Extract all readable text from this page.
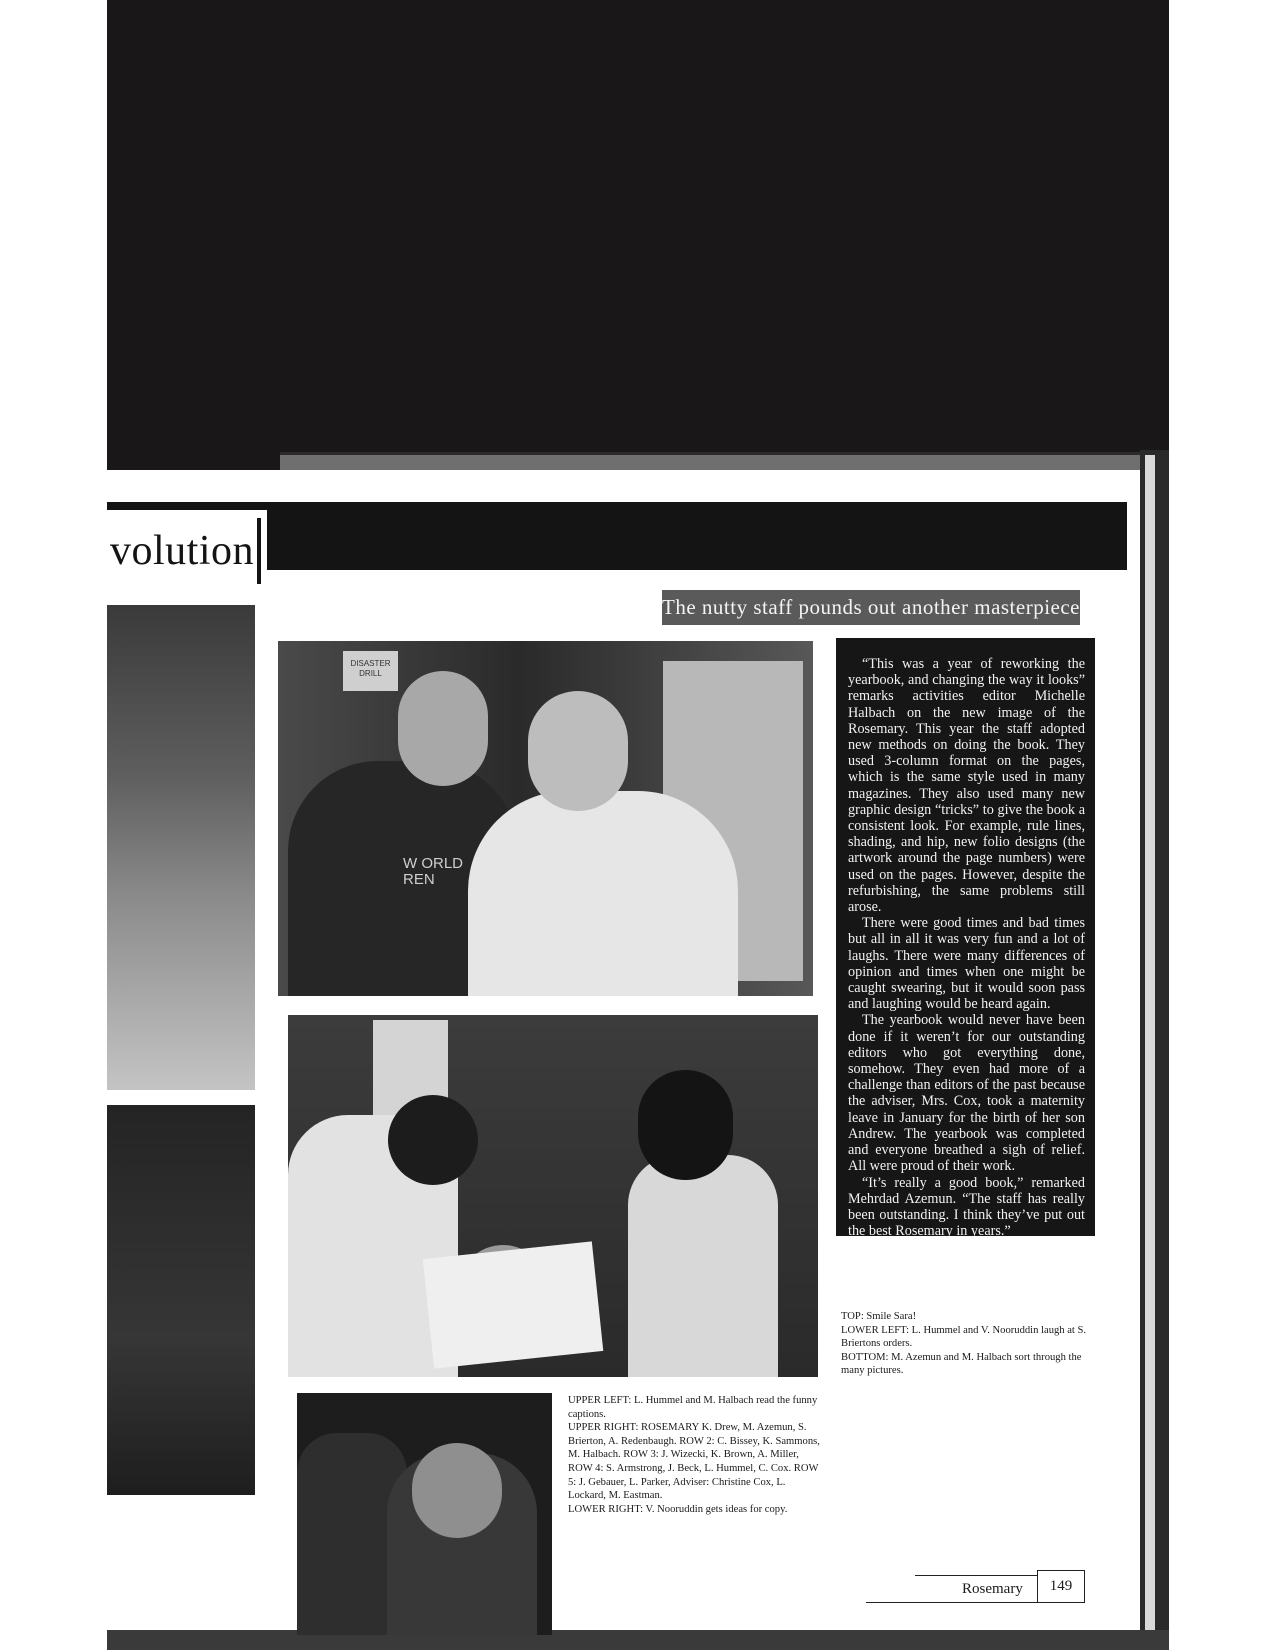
volution
The nutty staff pounds out another masterpiece
DISASTER DRILL
W ORLD REN

“This was a year of reworking the yearbook, and changing the way it looks” remarks activities editor Michelle Halbach on the new image of the Rosemary. This year the staff adopted new methods on doing the book. They used 3-column format on the pages, which is the same style used in many magazines. They also used many new graphic design “tricks” to give the book a consistent look. For example, rule lines, shading, and hip, new folio designs (the artwork around the page numbers) were used on the pages. However, despite the refurbishing, the same problems still arose.

There were good times and bad times but all in all it was very fun and a lot of laughs. There were many differences of opinion and times when one might be caught swearing, but it would soon pass and laughing would be heard again.

The yearbook would never have been done if it weren’t for our outstanding editors who got everything done, somehow. They even had more of a challenge than editors of the past because the adviser, Mrs. Cox, took a maternity leave in January for the birth of her son Andrew. The yearbook was completed and everyone breathed a sigh of relief. All were proud of their work.

“It’s really a good book,” remarked Mehrdad Azemun. “The staff has really been outstanding. I think they’ve put out the best Rosemary in years.”

TOP: Smile Sara!
LOWER LEFT: L. Hummel and V. Nooruddin laugh at S. Briertons orders.
BOTTOM: M. Azemun and M. Halbach sort through the many pictures.
UPPER LEFT: L. Hummel and M. Halbach read the funny captions.
UPPER RIGHT: ROSEMARY K. Drew, M. Azemun, S. Brierton, A. Redenbaugh. ROW 2: C. Bissey, K. Sammons, M. Halbach. ROW 3: J. Wizecki, K. Brown, A. Miller, ROW 4: S. Armstrong, J. Beck, L. Hummel, C. Cox. ROW 5: J. Gebauer, L. Parker, Adviser: Christine Cox, L. Lockard, M. Eastman.
LOWER RIGHT: V. Nooruddin gets ideas for copy.
Rosemary	149
